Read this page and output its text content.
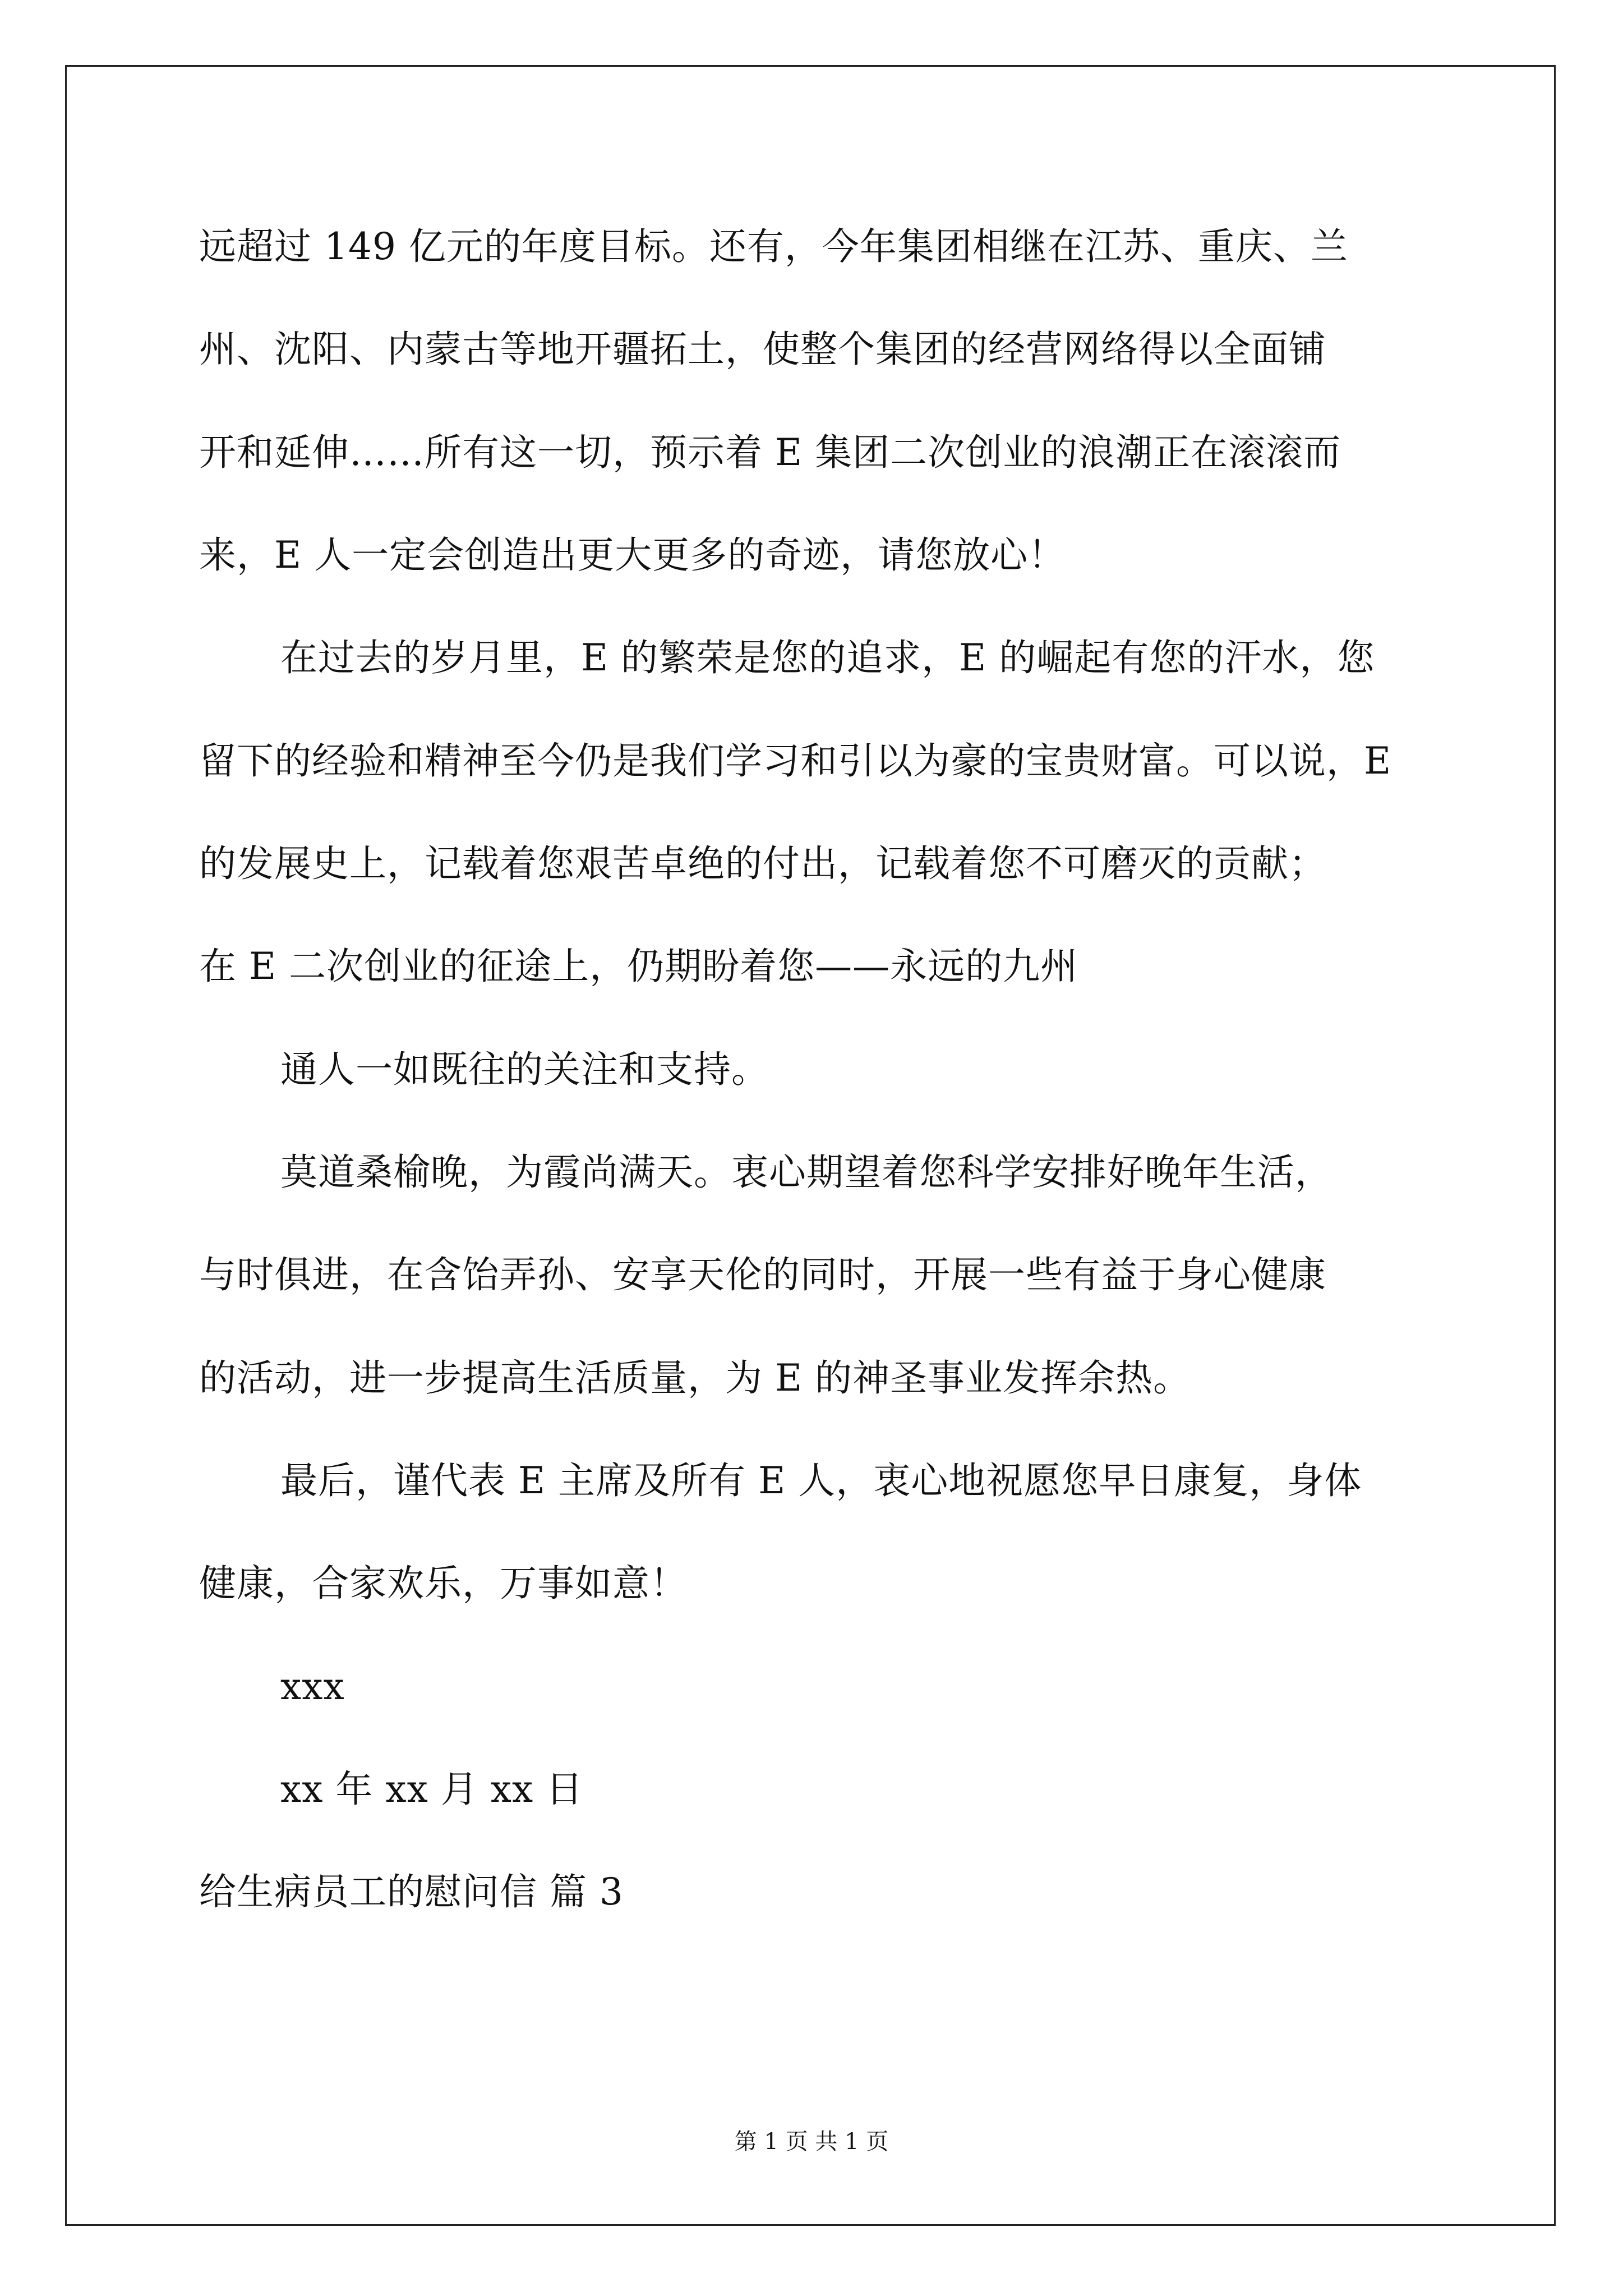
远超过 149 亿元的年度目标。还有，今年集团相继在江苏、重庆、兰
州、沈阳、内蒙古等地开疆拓土，使整个集团的经营网络得以全面铺
开和延伸……所有这一切，预示着 E 集团二次创业的浪潮正在滚滚而
来，E 人一定会创造出更大更多的奇迹，请您放心！
在过去的岁月里，E 的繁荣是您的追求，E 的崛起有您的汗水，您
留下的经验和精神至今仍是我们学习和引以为豪的宝贵财富。可以说，E
的发展史上，记载着您艰苦卓绝的付出，记载着您不可磨灭的贡献；
在 E 二次创业的征途上，仍期盼着您——永远的九州
通人一如既往的关注和支持。
莫道桑榆晚，为霞尚满天。衷心期望着您科学安排好晚年生活，
与时俱进，在含饴弄孙、安享天伦的同时，开展一些有益于身心健康
的活动，进一步提高生活质量，为 E 的神圣事业发挥余热。
最后，谨代表 E 主席及所有 E 人，衷心地祝愿您早日康复，身体
健康，合家欢乐，万事如意！
xxx
xx 年 xx 月 xx 日
给生病员工的慰问信 篇 3
第 1 页 共 1 页
